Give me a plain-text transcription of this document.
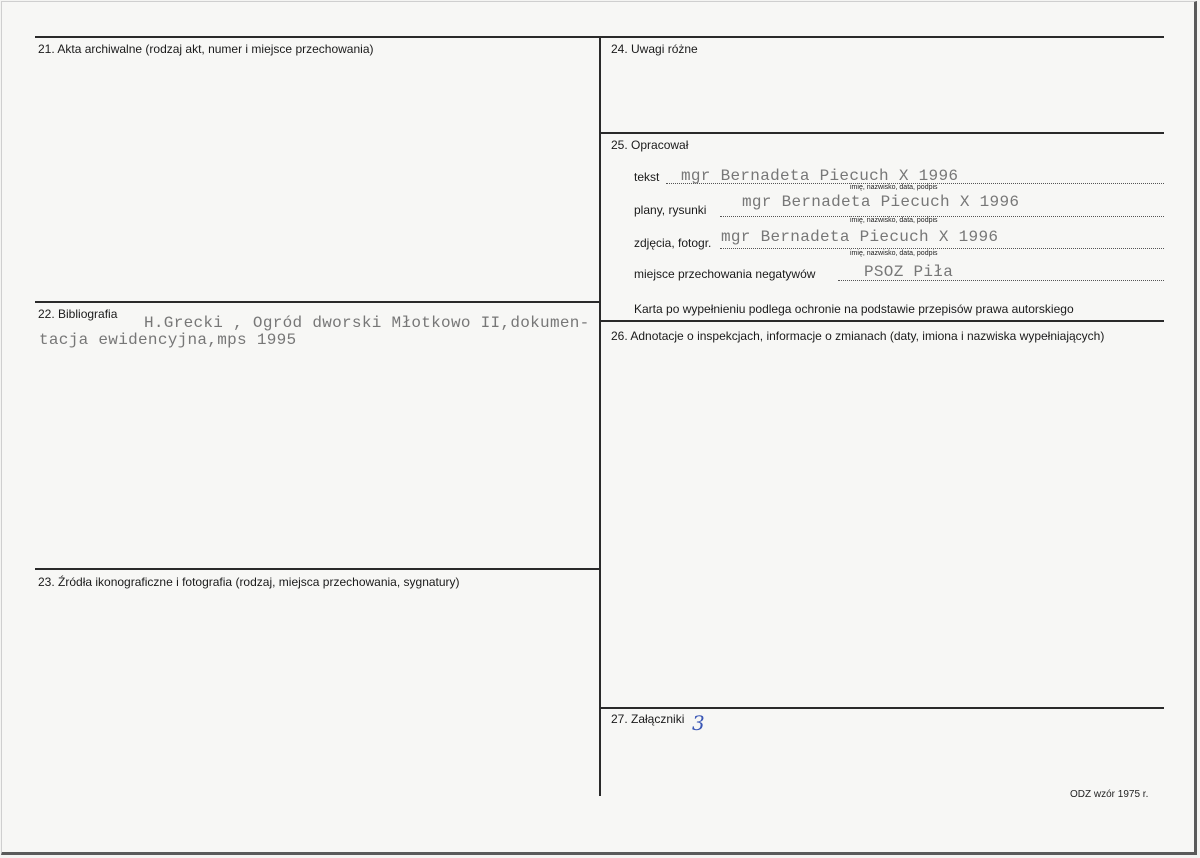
21. Akta archiwalne (rodzaj akt, numer i miejsce przechowania)
22. Bibliografia H.Grecki , Ogród dworski Młotkowo II,dokumen-
tacja ewidencyjna,mps 1995
23. Źródła ikonograficzne i fotografia (rodzaj, miejsca przechowania, sygnatury)
24. Uwagi różne
25. Opracował
tekst mgr Bernadeta Piecuch X 1996
imię, nazwisko, data, podpis
plany, rysunki mgr Bernadeta Piecuch X 1996
imię, nazwisko, data, podpis
zdjęcia, fotogr. mgr Bernadeta Piecuch X 1996
imię, nazwisko, data, podpis
miejsce przechowania negatywów	PSOZ Piła
Karta po wypełnieniu podlega ochronie na podstawie przepisów prawa autorskiego
26. Adnotacje o inspekcjach, informacje o zmianach (daty, imiona i nazwiska wypełniających)
27. Załączniki 3
ODZ wzór 1975 r.
